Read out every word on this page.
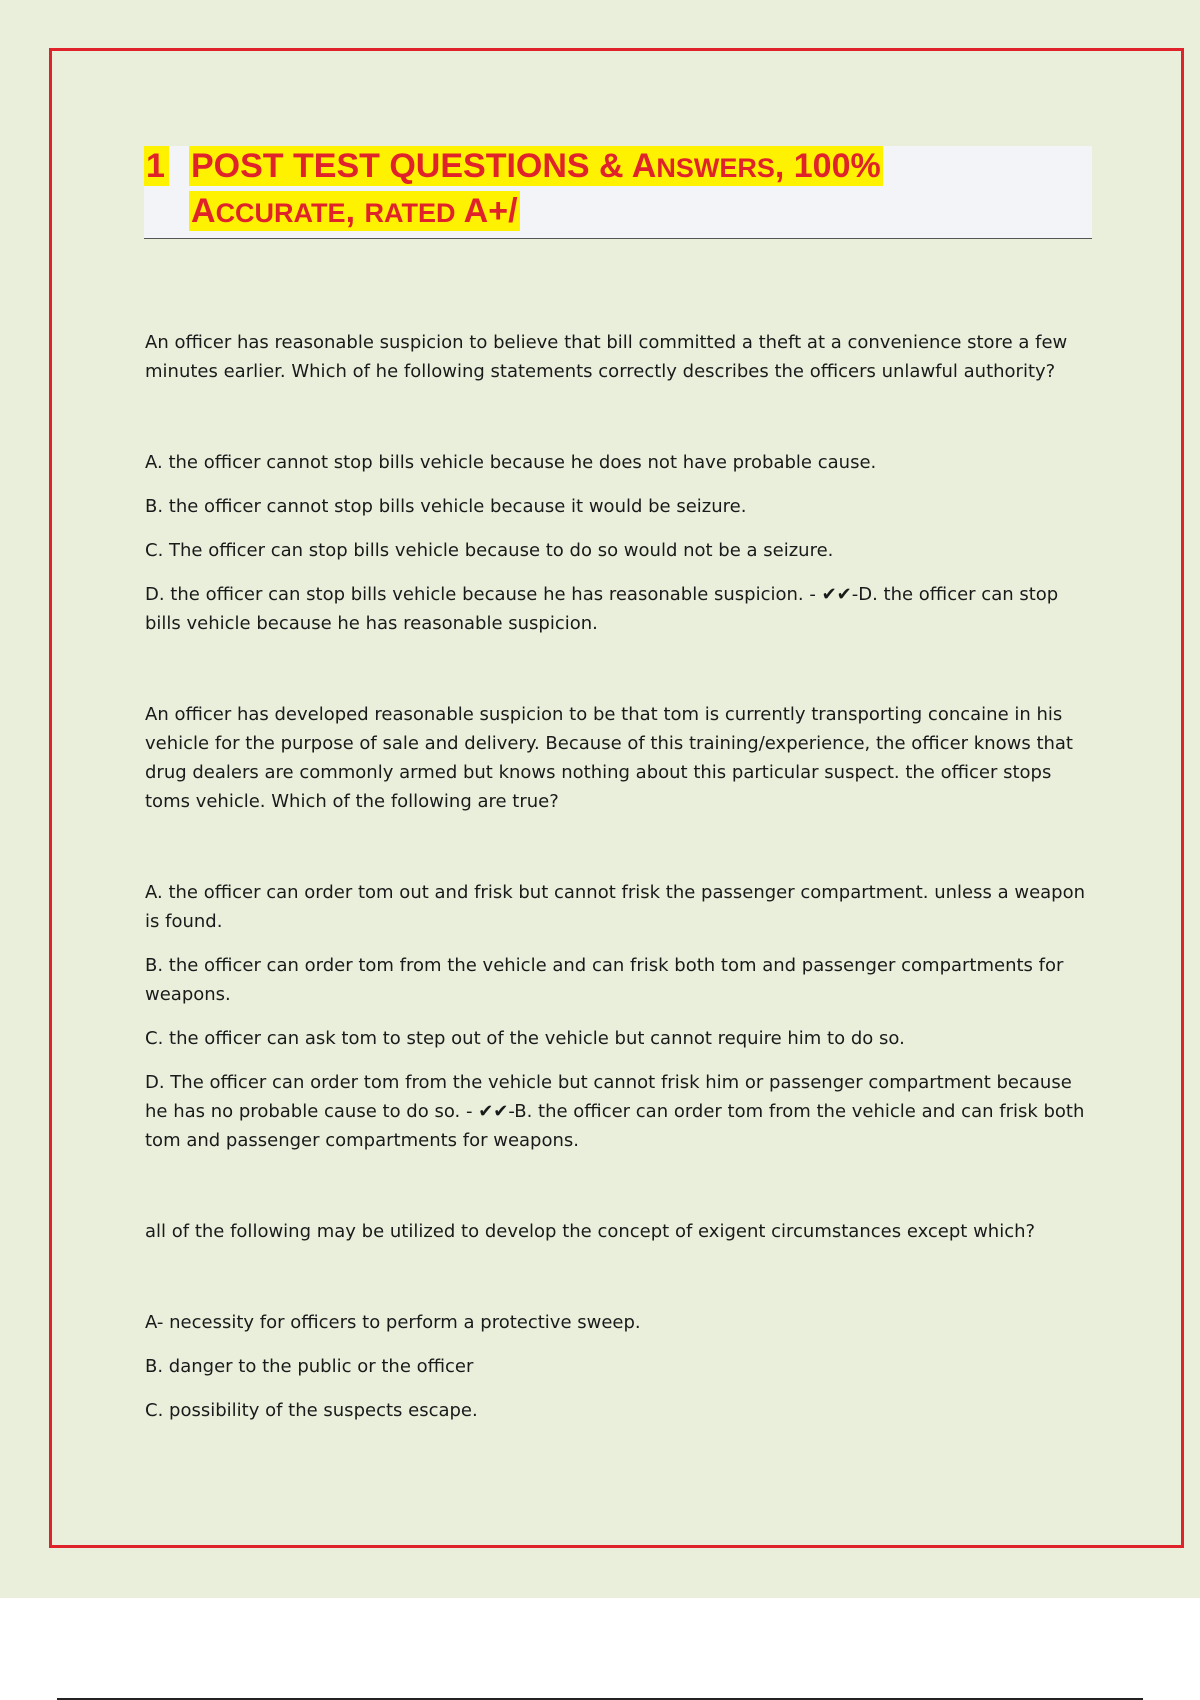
1 POST TEST QUESTIONS & ANSWERS, 100%
ACCURATE, RATED A+/

An officer has reasonable suspicion to believe that bill committed a theft at a convenience store a few minutes earlier. Which of he following statements correctly describes the officers unlawful authority?

A. the officer cannot stop bills vehicle because he does not have probable cause.

B. the officer cannot stop bills vehicle because it would be seizure.

C. The officer can stop bills vehicle because to do so would not be a seizure.

D. the officer can stop bills vehicle because he has reasonable suspicion. - ✔✔-D. the officer can stop bills vehicle because he has reasonable suspicion.

An officer has developed reasonable suspicion to be that tom is currently transporting concaine in his vehicle for the purpose of sale and delivery. Because of this training/experience, the officer knows that drug dealers are commonly armed but knows nothing about this particular suspect. the officer stops toms vehicle. Which of the following are true?

A. the officer can order tom out and frisk but cannot frisk the passenger compartment. unless a weapon is found.

B. the officer can order tom from the vehicle and can frisk both tom and passenger compartments for weapons.

C. the officer can ask tom to step out of the vehicle but cannot require him to do so.

D. The officer can order tom from the vehicle but cannot frisk him or passenger compartment because he has no probable cause to do so. - ✔✔-B. the officer can order tom from the vehicle and can frisk both tom and passenger compartments for weapons.

all of the following may be utilized to develop the concept of exigent circumstances except which?

A- necessity for officers to perform a protective sweep.

B. danger to the public or the officer

C. possibility of the suspects escape.
